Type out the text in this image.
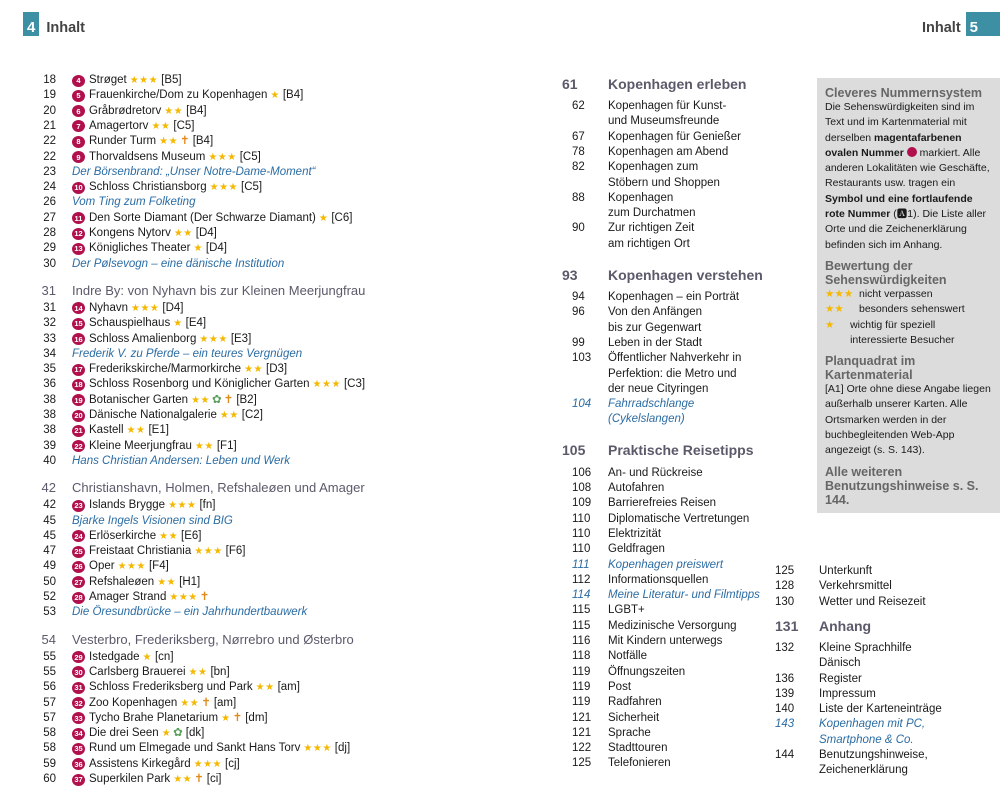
4 Inhalt	Inhalt 5
18	4 Strøget ★★★ [B5]
19	5 Frauenkirche/Dom zu Kopenhagen ★ [B4]
20	6 Gråbrødretorv ★★ [B4]
21	7 Amagertorv ★★ [C5]
22	8 Runder Turm ★★ ✝ [B4]
22	9 Thorvaldsens Museum ★★★ [C5]
23	Der Börsenbrand: „Unser Notre-Dame-Moment“
24	10 Schloss Christiansborg ★★★ [C5]
26	Vom Ting zum Folketing
27	11 Den Sorte Diamant (Der Schwarze Diamant) ★ [C6]
28	12 Kongens Nytorv ★★ [D4]
29	13 Königliches Theater ★ [D4]
30	Der Pølsevogn – eine dänische Institution
31	Indre By: von Nyhavn bis zur Kleinen Meerjungfrau
31	14 Nyhavn ★★★ [D4]
32	15 Schauspielhaus ★ [E4]
33	16 Schloss Amalienborg ★★★ [E3]
34	Frederik V. zu Pferde – ein teures Vergnügen
35	17 Frederikskirche/Marmorkirche ★★ [D3]
36	18 Schloss Rosenborg und Königlicher Garten ★★★ [C3]
38	19 Botanischer Garten ★★ ✿ ✝ [B2]
38	20 Dänische Nationalgalerie ★★ [C2]
38	21 Kastell ★★ [E1]
39	22 Kleine Meerjungfrau ★★ [F1]
40	Hans Christian Andersen: Leben und Werk
42	Christianshavn, Holmen, Refshaleøen und Amager
42	23 Islands Brygge ★★★ [fn]
45	Bjarke Ingels Visionen sind BIG
45	24 Erlöserkirche ★★ [E6]
47	25 Freistaat Christiania ★★★ [F6]
49	26 Oper ★★★ [F4]
50	27 Refshaleøen ★★ [H1]
52	28 Amager Strand ★★★ ✝
53	Die Öresundbrücke – ein Jahrhundertbauwerk
54	Vesterbro, Frederiksberg, Nørrebro und Østerbro
55	29 Istedgade ★ [cn]
55	30 Carlsberg Brauerei ★★ [bn]
56	31 Schloss Frederiksberg und Park ★★ [am]
57	32 Zoo Kopenhagen ★★ ✝ [am]
57	33 Tycho Brahe Planetarium ★ ✝ [dm]
58	34 Die drei Seen ★ ✿ [dk]
58	35 Rund um Elmegade und Sankt Hans Torv ★★★ [dj]
59	36 Assistens Kirkegård ★★★ [cj]
60	37 Superkilen Park ★★ ✝ [ci]
61	Kopenhagen erleben
62	Kopenhagen für Kunst-
und Museumsfreunde
67	Kopenhagen für Genießer
78	Kopenhagen am Abend
82	Kopenhagen zum
Stöbern und Shoppen
88	Kopenhagen
zum Durchatmen
90	Zur richtigen Zeit
am richtigen Ort
93	Kopenhagen verstehen
94	Kopenhagen – ein Porträt
96	Von den Anfängen
bis zur Gegenwart
99	Leben in der Stadt
103	Öffentlicher Nahverkehr in
Perfektion: die Metro und
der neue Cityringen
104	Fahrradschlange
(Cykelslangen)
105	Praktische Reisetipps
106	An- und Rückreise
108	Autofahren
109	Barrierefreies Reisen
110	Diplomatische Vertretungen
110	Elektrizität
110	Geldfragen
111	Kopenhagen preiswert
112	Informationsquellen
114	Meine Literatur- und Filmtipps
115	LGBT+
115	Medizinische Versorgung
116	Mit Kindern unterwegs
118	Notfälle
119	Öffnungszeiten
119	Post
119	Radfahren
121	Sicherheit
121	Sprache
122	Stadttouren
125	Telefonieren
125	Unterkunft
128	Verkehrsmittel
130	Wetter und Reisezeit
131	Anhang
132	Kleine Sprachhilfe
Dänisch
136	Register
139	Impressum
140	Liste der Karteneinträge
143	Kopenhagen mit PC,
Smartphone & Co.
144	Benutzungshinweise,
Zeichenerklärung
Cleveres Nummernsystem

Die Sehenswürdigkeiten sind im Text und im Kartenmaterial mit derselben magentafarbenen ovalen Nummer markiert. Alle anderen Lokalitäten wie Geschäfte, Restaurants usw. tragen ein Symbol und eine fortlaufende rote Nummer (🅰1). Die Liste aller Orte und die Zeichenerklärung befinden sich im Anhang.

Bewertung der Sehenswürdigkeiten
★★★ nicht verpassen
★★	besonders sehenswert
★	wichtig für speziell interessierte Besucher
Planquadrat im Kartenmaterial

[A1] Orte ohne diese Angabe liegen außerhalb unserer Karten. Alle Ortsmarken werden in der buchbegleitenden Web-App angezeigt (s. S. 143).

Alle weiteren Benutzungshinweise s. S. 144.
